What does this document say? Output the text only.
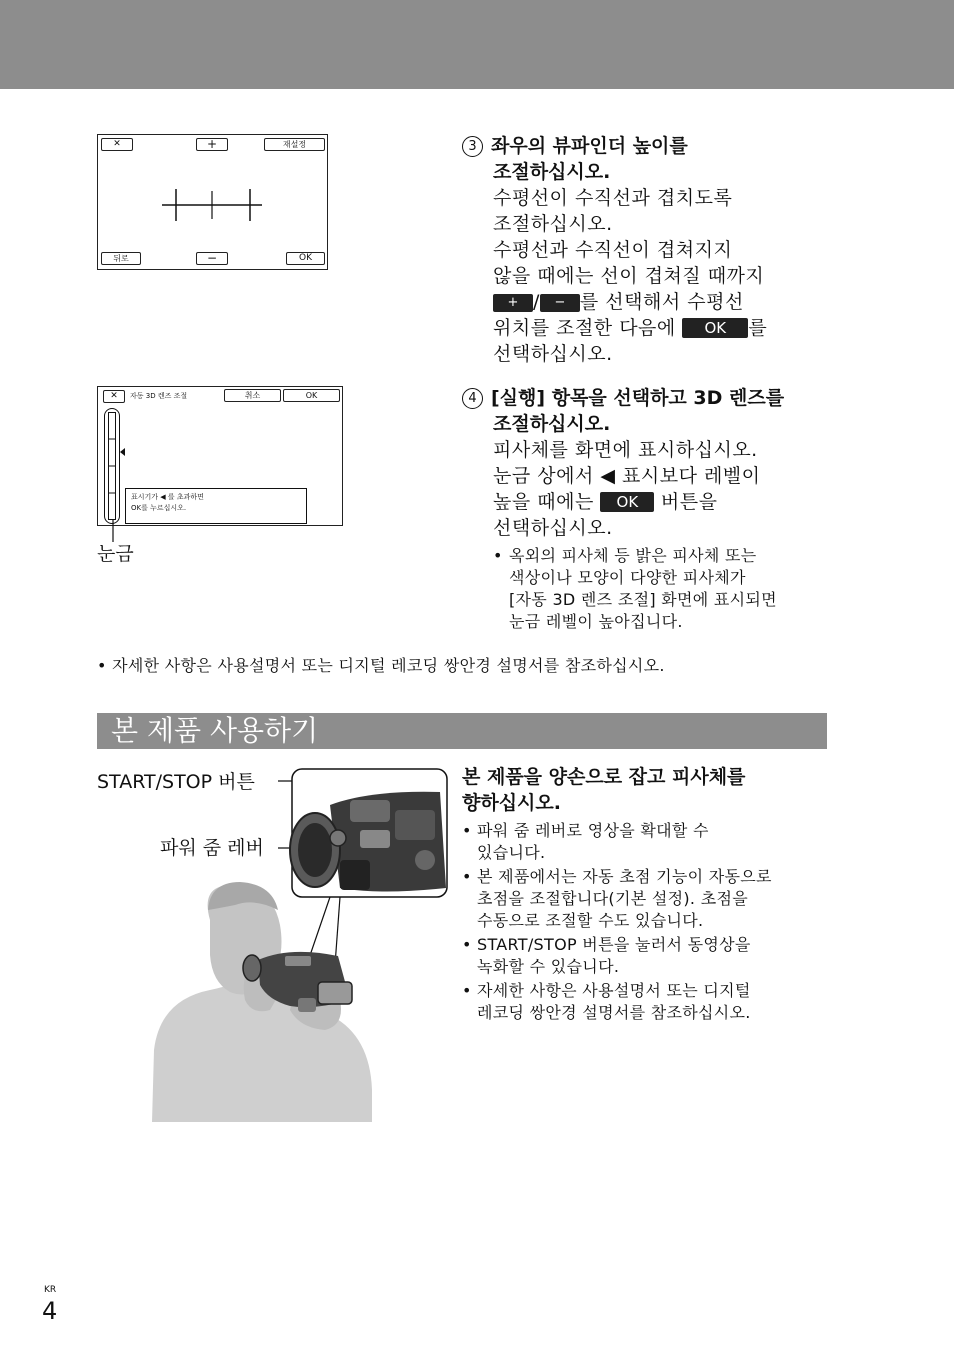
✕	+	재설정
뒤로	−	OK
✕	자동 3D 렌즈 조절	취소	OK
표시기가 ◀ 를 초과하면
OK를 누르십시오.
눈금
3 좌우의 뷰파인더 높이를
조절하십시오.
수평선이 수직선과 겹치도록
조절하십시오.
수평선과 수직선이 겹쳐지지
않을 때에는 선이 겹쳐질 때까지
+ / − 를 선택해서 수평선
위치를 조절한 다음에 OK 를
선택하십시오.
4 [실행] 항목을 선택하고 3D 렌즈를
조절하십시오.
피사체를 화면에 표시하십시오.
눈금 상에서 ◀ 표시보다 레벨이
높을 때에는 OK 버튼을
선택하십시오.
• 옥외의 피사체 등 밝은 피사체 또는
색상이나 모양이 다양한 피사체가
[자동 3D 렌즈 조절] 화면에 표시되면
눈금 레벨이 높아집니다.
• 자세한 사항은 사용설명서 또는 디지털 레코딩 쌍안경 설명서를 참조하십시오.
본 제품 사용하기
START/STOP 버튼
파워 줌 레버
본 제품을 양손으로 잡고 피사체를
향하십시오.
• 파워 줌 레버로 영상을 확대할 수
있습니다.
• 본 제품에서는 자동 초점 기능이 자동으로
초점을 조절합니다(기본 설정). 초점을
수동으로 조절할 수도 있습니다.
• START/STOP 버튼을 눌러서 동영상을
녹화할 수 있습니다.
• 자세한 사항은 사용설명서 또는 디지털
레코딩 쌍안경 설명서를 참조하십시오.
KR
4
